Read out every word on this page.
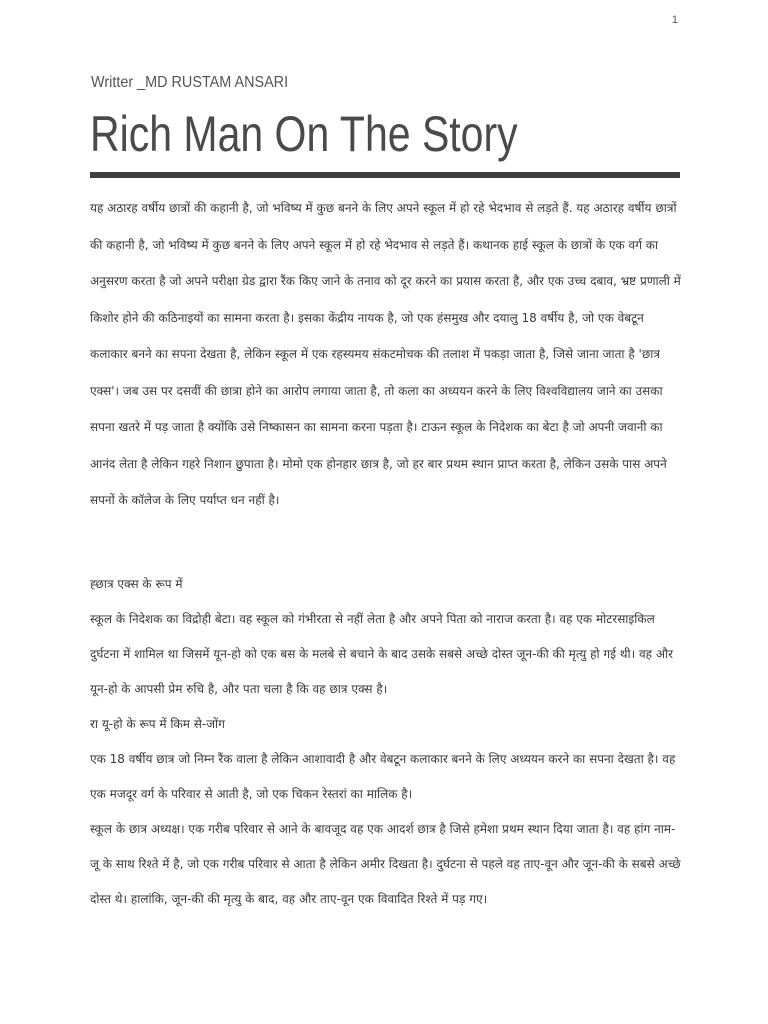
1
Writter _MD RUSTAM ANSARI
Rich Man On The Story

यह अठारह वर्षीय छात्रों की कहानी है, जो भविष्य में कुछ बनने के लिए अपने स्कूल में हो रहे भेदभाव से लड़ते हैं. यह अठारह वर्षीय छात्रों की कहानी है, जो भविष्य में कुछ बनने के लिए अपने स्कूल में हो रहे भेदभाव से लड़ते हैं। कथानक हाई स्कूल के छात्रों के एक वर्ग का अनुसरण करता है जो अपने परीक्षा ग्रेड द्वारा रैंक किए जाने के तनाव को दूर करने का प्रयास करता है, और एक उच्च दबाव, भ्रष्ट प्रणाली में किशोर होने की कठिनाइयों का सामना करता है। इसका केंद्रीय नायक है, जो एक हंसमुख और दयालु 18 वर्षीय है, जो एक वेबटून कलाकार बनने का सपना देखता है, लेकिन स्कूल में एक रहस्यमय संकटमोचक की तलाश में पकड़ा जाता है, जिसे जाना जाता है 'छात्र एक्स'। जब उस पर दसवीं की छात्रा होने का आरोप लगाया जाता है, तो कला का अध्ययन करने के लिए विश्वविद्यालय जाने का उसका सपना खतरे में पड़ जाता है क्योंकि उसे निष्कासन का सामना करना पड़ता है। टाऊन स्कूल के निदेशक का बेटा है जो अपनी जवानी का आनंद लेता है लेकिन गहरे निशान छुपाता है। मोमो एक होनहार छात्र है, जो हर बार प्रथम स्थान प्राप्त करता है, लेकिन उसके पास अपने सपनों के कॉलेज के लिए पर्याप्त धन नहीं है।

ह्छात्र एक्स के रूप में

स्कूल के निदेशक का विद्रोही बेटा। वह स्कूल को गंभीरता से नहीं लेता है और अपने पिता को नाराज करता है। वह एक मोटरसाइकिल दुर्घटना में शामिल था जिसमें यून-हो को एक बस के मलबे से बचाने के बाद उसके सबसे अच्छे दोस्त जून-की की मृत्यु हो गई थी। वह और यून-हो के आपसी प्रेम रुचि है, और पता चला है कि वह छात्र एक्स है।

रा यू-हो के रूप में किम से-जोंग

एक 18 वर्षीय छात्र जो निम्न रैंक वाला है लेकिन आशावादी है और वेबटून कलाकार बनने के लिए अध्ययन करने का सपना देखता है। वह एक मजदूर वर्ग के परिवार से आती है, जो एक चिकन रेस्तरां का मालिक है।

स्कूल के छात्र अध्यक्ष। एक गरीब परिवार से आने के बावजूद वह एक आदर्श छात्र है जिसे हमेशा प्रथम स्थान दिया जाता है। वह हांग नाम-जू के साथ रिश्ते में है, जो एक गरीब परिवार से आता है लेकिन अमीर दिखता है। दुर्घटना से पहले वह ताए-वून और जून-की के सबसे अच्छे दोस्त थे। हालांकि, जून-की की मृत्यु के बाद, वह और ताए-वून एक विवादित रिश्ते में पड़ गए।
